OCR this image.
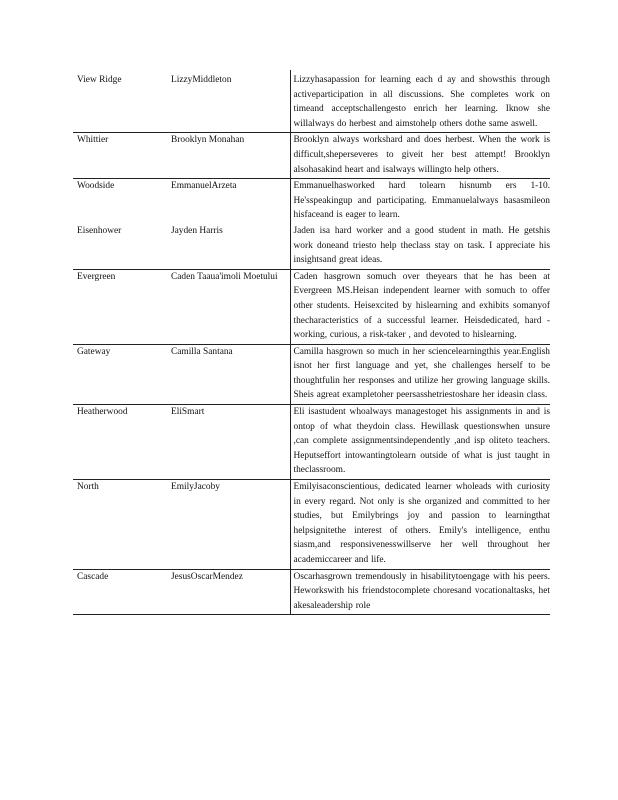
View Ridge	LizzyMiddleton	Lizzyhasapassion for learning each d ay and showsthis through activeparticipation in all discussions. She completes work on timeand acceptschallengesto enrich her learning. Iknow she willalways do herbest and aimstohelp others dothe same aswell.
Whittier	Brooklyn Monahan	Brooklyn always workshard and does herbest. When the work is difficult,sheperseveres to giveit her best attempt! Brooklyn alsohasakind heart and isalways willingto help others.
Woodside	EmmanuelArzeta	Emmanuelhasworked hard tolearn hisnumb ers 1-10. He'sspeakingup and participating. Emmanuelalways hasasmileon hisfaceand is eager to learn.
Eisenhower	Jayden Harris	Jaden isa hard worker and a good student in math. He getshis work doneand triesto help theclass stay on task. I appreciate his insightsand great ideas.
Evergreen	Caden Taaua'imoli Moetului	Caden hasgrown somuch over theyears that he has been at Evergreen MS.Heisan independent learner with somuch to offer other students. Heisexcited by hislearning and exhibits somanyof thecharacteristics of a successful learner. Heisdedicated, hard -working, curious, a risk-taker , and devoted to hislearning.
Gateway	Camilla Santana	Camilla hasgrown so much in her sciencelearningthis year.English isnot her first language and yet, she challenges herself to be thoughtfulin her responses and utilize her growing language skills. Sheis agreat exampletoher peersasshetriestoshare her ideasin class.
Heatherwood	EliSmart	Eli isastudent whoalways managestoget his assignments in and is ontop of what theydoin class. Hewillask questionswhen unsure ,can complete assignmentsindependently ,and isp oliteto teachers. Heputseffort intowantingtolearn outside of what is just taught in theclassroom.
North	EmilyJacoby	Emilyisaconscientious, dedicated learner wholeads with curiosity in every regard. Not only is she organized and committed to her studies, but Emilybrings joy and passion to learningthat helpsignitethe interest of others. Emily's intelligence, enthu siasm,and responsivenesswillserve her well throughout her academiccareer and life.
Cascade	JesusOscarMendez	Oscarhasgrown tremendously in hisabilitytoengage with his peers. Heworkswith his friendstocomplete choresand vocationaltasks, het akesaleadership role
